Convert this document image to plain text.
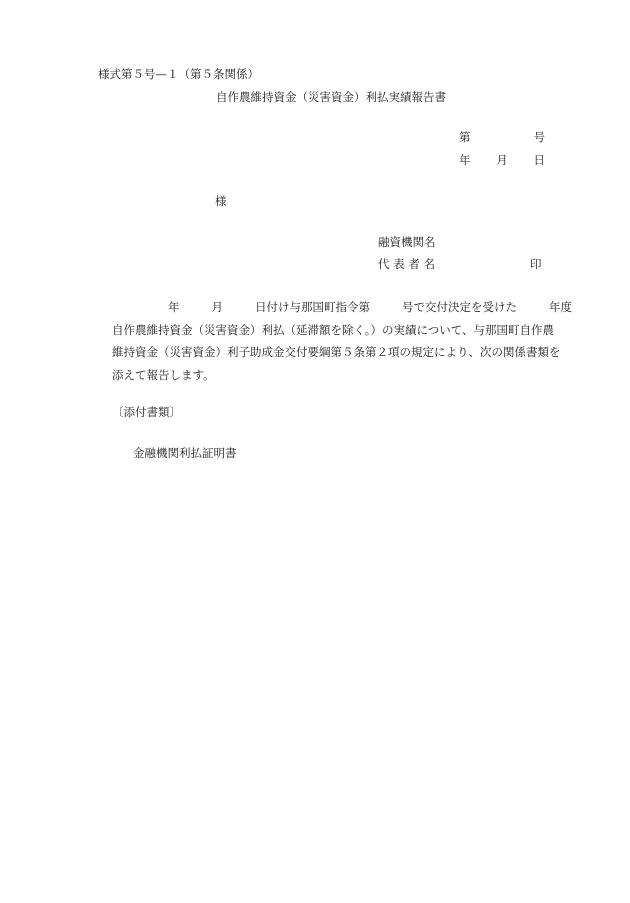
様式第５号—１（第５条関係）
自作農維持資金（災害資金）利払実績報告書
第	号
年 月 日
様
融資機関名
代 表 者 名	印
年	月	日付け与那国町指令第	号で交付決定を受けた	年度
自作農維持資金（災害資金）利払（延滞額を除く。）の実績について、与那国町自作農
維持資金（災害資金）利子助成金交付要綱第５条第２項の規定により、次の関係書類を
添えて報告します。
〔添付書類〕
金融機関利払証明書
